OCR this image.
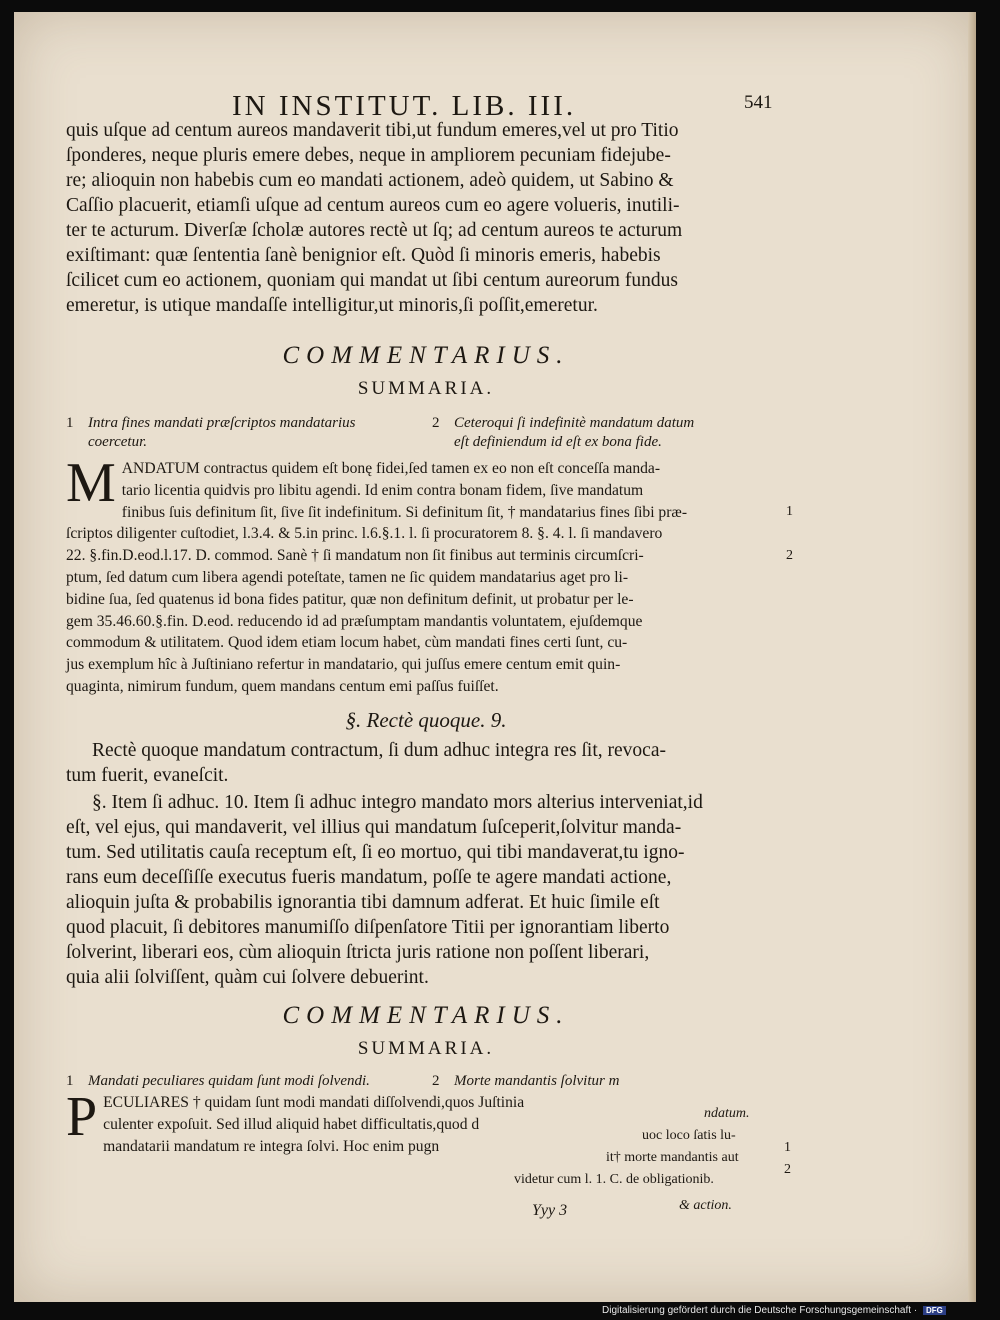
IN INSTITUT. LIB. III.	541

quis uſque ad centum aureos mandaverit tibi,ut fundum emeres,vel ut pro Titio

ſponderes, neque pluris emere debes, neque in ampliorem pecuniam fidejube-

re; alioquin non habebis cum eo mandati actionem, adeò quidem, ut Sabino &

Caſſio placuerit, etiamſi uſque ad centum aureos cum eo agere volueris, inutili-

ter te acturum. Diverſæ ſcholæ autores rectè ut ſq; ad centum aureos te acturum

exiſtimant: quæ ſententia ſanè benignior eſt. Quòd ſi minoris emeris, habebis

ſcilicet cum eo actionem, quoniam qui mandat ut ſibi centum aureorum fundus

emeretur, is utique mandaſſe intelligitur,ut minoris,ſi poſſit,emeretur.

COMMENTARIUS.
SUMMARIA.
1 Intra fines mandati præſcriptos mandatarius
coercetur.
2 Ceteroqui ſi indefinitè mandatum datum
eſt definiendum id eſt ex bona fide.
M ANDATUM contractus quidem eſt bonę fidei,ſed tamen ex eo non eſt conceſſa manda-

tario licentia quidvis pro libitu agendi. Id enim contra bonam fidem, ſive mandatum

finibus ſuis definitum ſit, ſive ſit indefinitum. Si definitum ſit, † mandatarius fines ſibi præ-

ſcriptos diligenter cuſtodiet, l.3.4. & 5.in princ. l.6.§.1. l. ſi procuratorem 8. §. 4. l. ſi mandavero

22. §.fin.D.eod.l.17. D. commod. Sanè † ſi mandatum non ſit finibus aut terminis circumſcri-

ptum, ſed datum cum libera agendi poteſtate, tamen ne ſic quidem mandatarius aget pro li-

bidine ſua, ſed quatenus id bona fides patitur, quæ non definitum definit, ut probatur per le-

gem 35.46.60.§.fin. D.eod. reducendo id ad præſumptam mandantis voluntatem, ejuſdemque

commodum & utilitatem. Quod idem etiam locum habet, cùm mandati fines certi ſunt, cu-

jus exemplum hîc à Juſtiniano refertur in mandatario, qui juſſus emere centum emit quin-

quaginta, nimirum fundum, quem mandans centum emi paſſus fuiſſet.

1
2
§. Rectè quoque. 9.

Rectè quoque mandatum contractum, ſi dum adhuc integra res ſit, revoca-

tum fuerit, evaneſcit.

§. Item ſi adhuc. 10. Item ſi adhuc integro mandato mors alterius interveniat,id

eſt, vel ejus, qui mandaverit, vel illius qui mandatum ſuſceperit,ſolvitur manda-

tum. Sed utilitatis cauſa receptum eſt, ſi eo mortuo, qui tibi mandaverat,tu igno-

rans eum deceſſiſſe executus fueris mandatum, poſſe te agere mandati actione,

alioquin juſta & probabilis ignorantia tibi damnum adferat. Et huic ſimile eſt

quod placuit, ſi debitores manumiſſo diſpenſatore Titii per ignorantiam liberto

ſolverint, liberari eos, cùm alioquin ſtricta juris ratione non poſſent liberari,

quia alii ſolviſſent, quàm cui ſolvere debuerint.

COMMENTARIUS.
SUMMARIA.
1 Mandati peculiares quidam ſunt modi ſolvendi.	2 Morte mandantis ſolvitur m
P ECULIARES † quidam ſunt modi mandati diſſolvendi,quos Juſtinia

culenter expoſuit. Sed illud aliquid habet difficultatis,quod d

mandatarii mandatum re integra ſolvi. Hoc enim pugn

ndatum.
uoc loco ſatis lu-
it† morte mandantis aut
videtur cum l. 1. C. de obligationib.
& action.
1
2
Yyy 3
Digitalisierung gefördert durch die Deutsche Forschungsgemeinschaft · DFG
